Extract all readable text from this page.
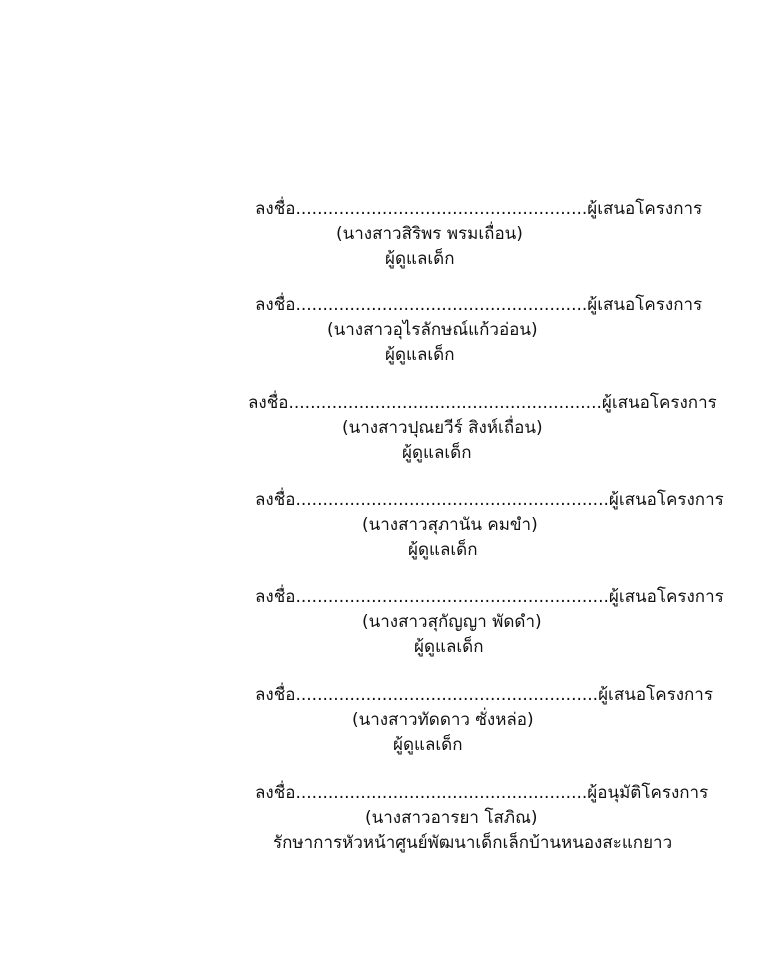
ลงชื่อ......................................................ผู้เสนอโครงการ
(นางสาวสิริพร พรมเถื่อน)
ผู้ดูแลเด็ก
ลงชื่อ......................................................ผู้เสนอโครงการ
(นางสาวอุไรลักษณ์แก้วอ่อน)
ผู้ดูแลเด็ก
ลงชื่อ..........................................................ผู้เสนอโครงการ
(นางสาวปุณยวีร์ สิงห์เถื่อน)
ผู้ดูแลเด็ก
ลงชื่อ..........................................................ผู้เสนอโครงการ
(นางสาวสุภานัน คมขำ)
ผู้ดูแลเด็ก
ลงชื่อ..........................................................ผู้เสนอโครงการ
(นางสาวสุกัญญา พัดดำ)
ผู้ดูแลเด็ก
ลงชื่อ........................................................ผู้เสนอโครงการ
(นางสาวทัดดาว ซั่งหล่อ)
ผู้ดูแลเด็ก
ลงชื่อ......................................................ผู้อนุมัติโครงการ
(นางสาวอารยา โสภิณ)
รักษาการหัวหน้าศูนย์พัฒนาเด็กเล็กบ้านหนองสะแกยาว
